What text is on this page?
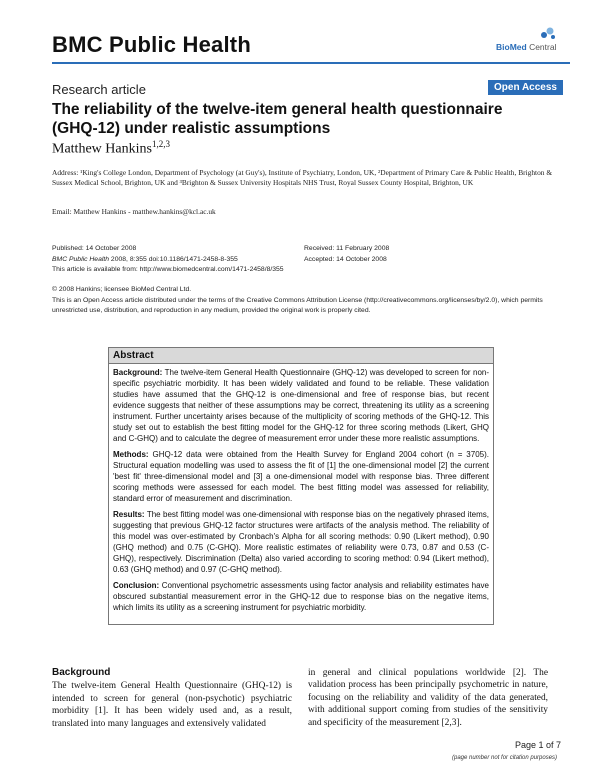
BMC Public Health	BioMed Central
Research article	Open Access
The reliability of the twelve-item general health questionnaire (GHQ-12) under realistic assumptions
Matthew Hankins$^{1,2,3}$
Address: ¹King's College London, Department of Psychology (at Guy's), Institute of Psychiatry, London, UK, ²Department of Primary Care & Public Health, Brighton & Sussex Medical School, Brighton, UK and ³Brighton & Sussex University Hospitals NHS Trust, Royal Sussex County Hospital, Brighton, UK
Email: Matthew Hankins - matthew.hankins@kcl.ac.uk
Published: 14 October 2008
BMC Public Health 2008, 8:355 doi:10.1186/1471-2458-8-355
This article is available from: http://www.biomedcentral.com/1471-2458/8/355
Received: 11 February 2008
Accepted: 14 October 2008
© 2008 Hankins; licensee BioMed Central Ltd.
This is an Open Access article distributed under the terms of the Creative Commons Attribution License (http://creativecommons.org/licenses/by/2.0), which permits unrestricted use, distribution, and reproduction in any medium, provided the original work is properly cited.
Abstract

Background: The twelve-item General Health Questionnaire (GHQ-12) was developed to screen for non-specific psychiatric morbidity. It has been widely validated and found to be reliable. These validation studies have assumed that the GHQ-12 is one-dimensional and free of response bias, but recent evidence suggests that neither of these assumptions may be correct, threatening its utility as a screening instrument. Further uncertainty arises because of the multiplicity of scoring methods of the GHQ-12. This study set out to establish the best fitting model for the GHQ-12 for three scoring methods (Likert, GHQ and C-GHQ) and to calculate the degree of measurement error under these more realistic assumptions.

Methods: GHQ-12 data were obtained from the Health Survey for England 2004 cohort (n = 3705). Structural equation modelling was used to assess the fit of [1] the one-dimensional model [2] the current 'best fit' three-dimensional model and [3] a one-dimensional model with response bias. Three different scoring methods were assessed for each model. The best fitting model was assessed for reliability, standard error of measurement and discrimination.

Results: The best fitting model was one-dimensional with response bias on the negatively phrased items, suggesting that previous GHQ-12 factor structures were artifacts of the analysis method. The reliability of this model was over-estimated by Cronbach's Alpha for all scoring methods: 0.90 (Likert method), 0.90 (GHQ method) and 0.75 (C-GHQ). More realistic estimates of reliability were 0.73, 0.87 and 0.53 (C-GHQ), respectively. Discrimination (Delta) also varied according to scoring method: 0.94 (Likert method), 0.63 (GHQ method) and 0.97 (C-GHQ method).

Conclusion: Conventional psychometric assessments using factor analysis and reliability estimates have obscured substantial measurement error in the GHQ-12 due to response bias on the negative items, which limits its utility as a screening instrument for psychiatric morbidity.

Background
The twelve-item General Health Questionnaire (GHQ-12) is intended to screen for general (non-psychotic) psychiatric morbidity [1]. It has been widely used and, as a result, translated into many languages and extensively validated
in general and clinical populations worldwide [2]. The validation process has been principally psychometric in nature, focusing on the reliability and validity of the data generated, with additional support coming from studies of the sensitivity and specificity of the measurement [2,3].
Page 1 of 7
(page number not for citation purposes)
